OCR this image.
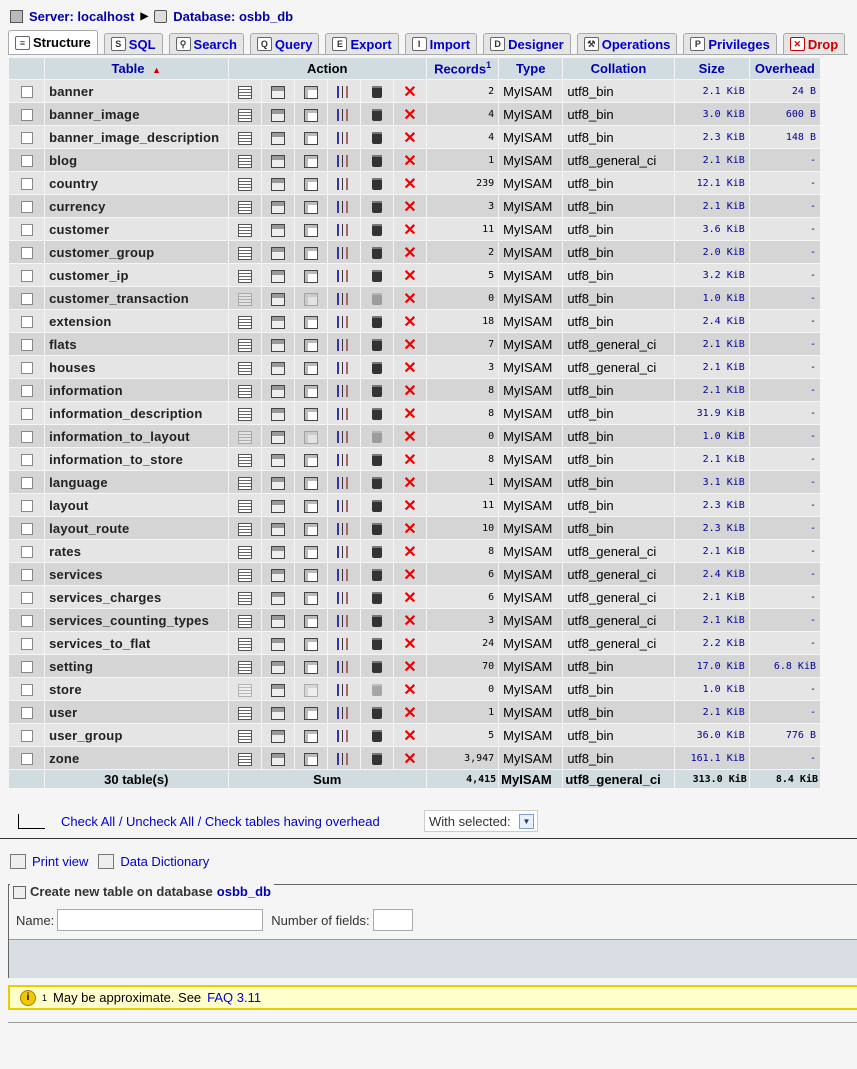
Server: localhost ▶ Database: osbb_db
≡ Structure	S SQL	⚲ Search	Q Query	E Export	I Import	D Designer	⚒ Operations	P Privileges	✕ Drop
	Table ▲	Action						Records$^1$	Type	Collation	Size	Overhead
	banner						✕	2	MyISAM	utf8_bin	2.1 KiB	24 B
	banner_image						✕	4	MyISAM	utf8_bin	3.0 KiB	600 B
	banner_image_description						✕	4	MyISAM	utf8_bin	2.3 KiB	148 B
	blog						✕	1	MyISAM	utf8_general_ci	2.1 KiB	-
	country						✕	239	MyISAM	utf8_bin	12.1 KiB	-
	currency						✕	3	MyISAM	utf8_bin	2.1 KiB	-
	customer						✕	11	MyISAM	utf8_bin	3.6 KiB	-
	customer_group						✕	2	MyISAM	utf8_bin	2.0 KiB	-
	customer_ip						✕	5	MyISAM	utf8_bin	3.2 KiB	-
	customer_transaction						✕	0	MyISAM	utf8_bin	1.0 KiB	-
	extension						✕	18	MyISAM	utf8_bin	2.4 KiB	-
	flats						✕	7	MyISAM	utf8_general_ci	2.1 KiB	-
	houses						✕	3	MyISAM	utf8_general_ci	2.1 KiB	-
	information						✕	8	MyISAM	utf8_bin	2.1 KiB	-
	information_description						✕	8	MyISAM	utf8_bin	31.9 KiB	-
	information_to_layout						✕	0	MyISAM	utf8_bin	1.0 KiB	-
	information_to_store						✕	8	MyISAM	utf8_bin	2.1 KiB	-
	language						✕	1	MyISAM	utf8_bin	3.1 KiB	-
	layout						✕	11	MyISAM	utf8_bin	2.3 KiB	-
	layout_route						✕	10	MyISAM	utf8_bin	2.3 KiB	-
	rates						✕	8	MyISAM	utf8_general_ci	2.1 KiB	-
	services						✕	6	MyISAM	utf8_general_ci	2.4 KiB	-
	services_charges						✕	6	MyISAM	utf8_general_ci	2.1 KiB	-
	services_counting_types						✕	3	MyISAM	utf8_general_ci	2.1 KiB	-
	services_to_flat						✕	24	MyISAM	utf8_general_ci	2.2 KiB	-
	setting						✕	70	MyISAM	utf8_bin	17.0 KiB	6.8 KiB
	store						✕	0	MyISAM	utf8_bin	1.0 KiB	-
	user						✕	1	MyISAM	utf8_bin	2.1 KiB	-
	user_group						✕	5	MyISAM	utf8_bin	36.0 KiB	776 B
	zone						✕	3,947	MyISAM	utf8_bin	161.1 KiB	-
	30 table(s)	Sum						4,415	MyISAM	utf8_general_ci	313.0 KiB	8.4 KiB
Check All / Uncheck All / Check tables having overhead	With selected:	▼
Print view Data Dictionary
Create new table on database osbb_db
Name:	Number of fields:
i	1 May be approximate. See FAQ 3.11
